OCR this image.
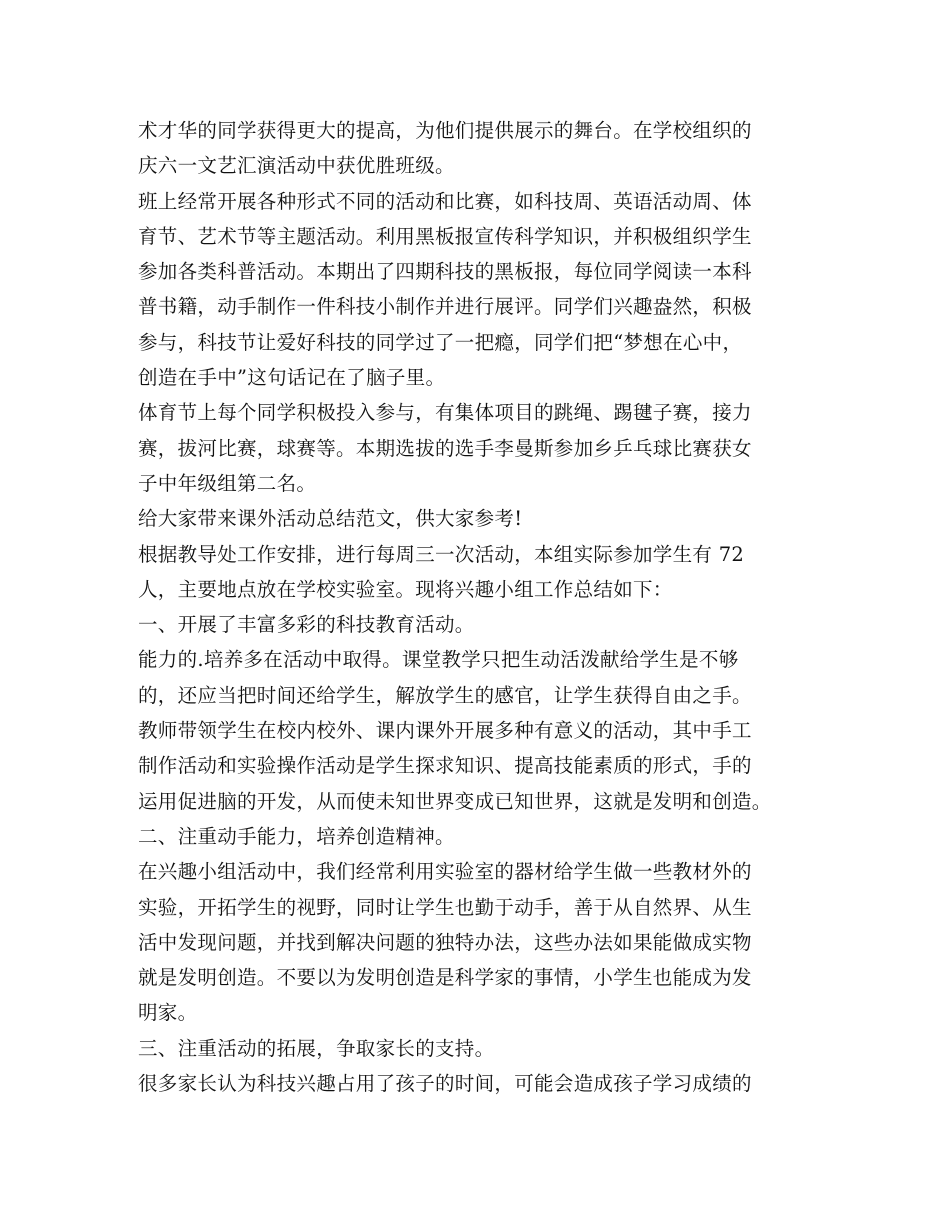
术才华的同学获得更大的提高，为他们提供展示的舞台。在学校组织的
庆六一文艺汇演活动中获优胜班级。
班上经常开展各种形式不同的活动和比赛，如科技周、英语活动周、体
育节、艺术节等主题活动。利用黑板报宣传科学知识，并积极组织学生
参加各类科普活动。本期出了四期科技的黑板报，每位同学阅读一本科
普书籍，动手制作一件科技小制作并进行展评。同学们兴趣盎然，积极
参与，科技节让爱好科技的同学过了一把瘾，同学们把“梦想在心中，
创造在手中”这句话记在了脑子里。
体育节上每个同学积极投入参与，有集体项目的跳绳、踢毽子赛，接力
赛，拔河比赛，球赛等。本期选拔的选手李曼斯参加乡乒乓球比赛获女
子中年级组第二名。
给大家带来课外活动总结范文，供大家参考!
根据教导处工作安排，进行每周三一次活动，本组实际参加学生有 72
人，主要地点放在学校实验室。现将兴趣小组工作总结如下：
一、开展了丰富多彩的科技教育活动。
能力的.培养多在活动中取得。课堂教学只把生动活泼献给学生是不够
的，还应当把时间还给学生，解放学生的感官，让学生获得自由之手。
教师带领学生在校内校外、课内课外开展多种有意义的活动，其中手工
制作活动和实验操作活动是学生探求知识、提高技能素质的形式，手的
运用促进脑的开发，从而使未知世界变成已知世界，这就是发明和创造。
二、注重动手能力，培养创造精神。
在兴趣小组活动中，我们经常利用实验室的器材给学生做一些教材外的
实验，开拓学生的视野，同时让学生也勤于动手，善于从自然界、从生
活中发现问题，并找到解决问题的独特办法，这些办法如果能做成实物
就是发明创造。不要以为发明创造是科学家的事情，小学生也能成为发
明家。
三、注重活动的拓展，争取家长的支持。
很多家长认为科技兴趣占用了孩子的时间，可能会造成孩子学习成绩的
